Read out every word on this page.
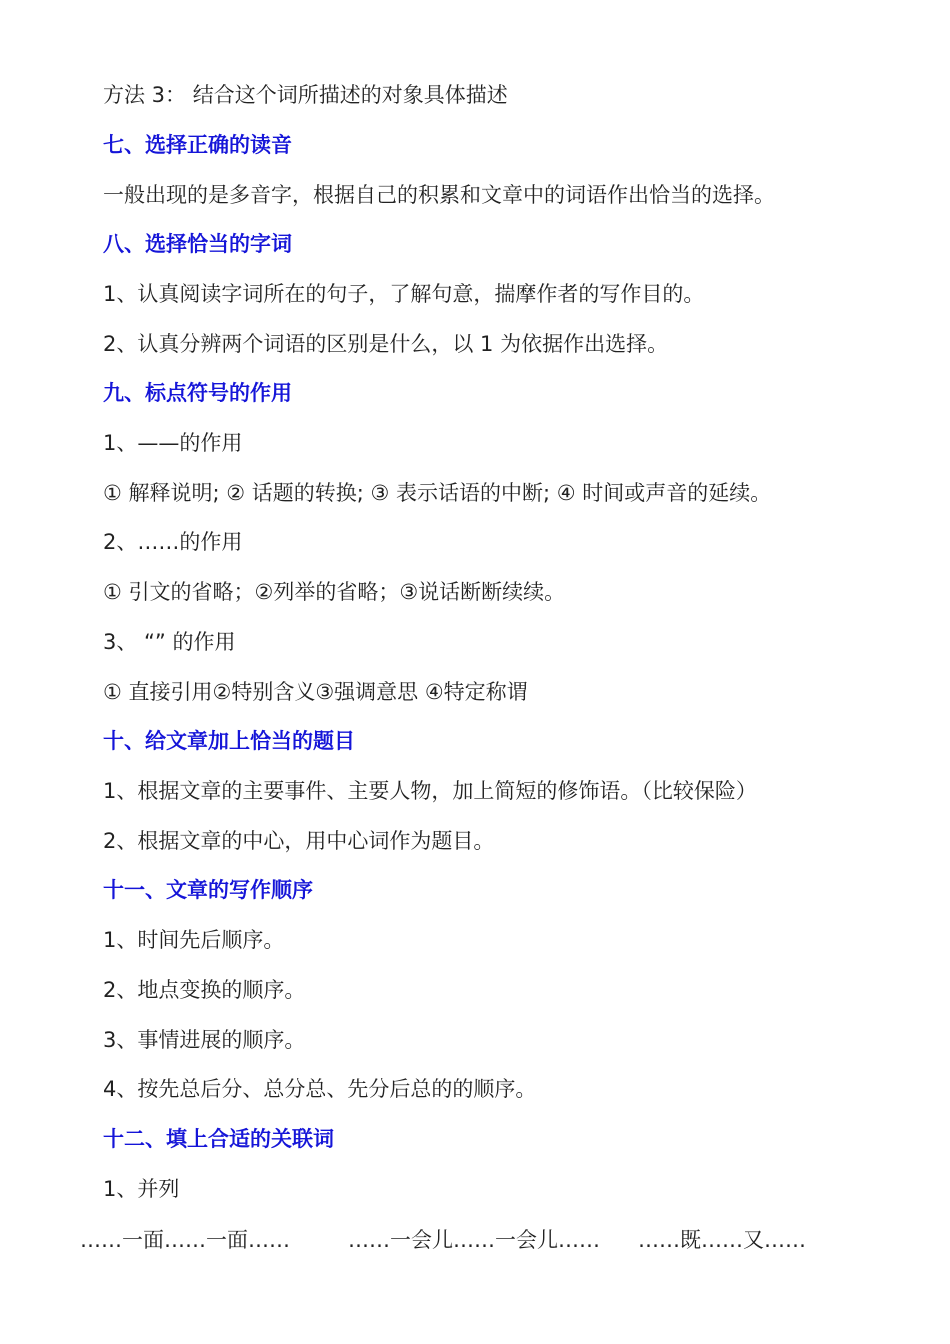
方法 3： 结合这个词所描述的对象具体描述
七、选择正确的读音
一般出现的是多音字，根据自己的积累和文章中的词语作出恰当的选择。
八、选择恰当的字词
1、认真阅读字词所在的句子，了解句意，揣摩作者的写作目的。
2、认真分辨两个词语的区别是什么，以 1 为依据作出选择。
九、标点符号的作用
1、——的作用
① 解释说明; ② 话题的转换; ③ 表示话语的中断; ④ 时间或声音的延续。
2、……的作用
① 引文的省略；②列举的省略；③说话断断续续。
3、 “” 的作用
① 直接引用②特别含义③强调意思 ④特定称谓
十、给文章加上恰当的题目
1、根据文章的主要事件、主要人物，加上简短的修饰语。（比较保险）
2、根据文章的中心，用中心词作为题目。
十一、文章的写作顺序
1、时间先后顺序。
2、地点变换的顺序。
3、事情进展的顺序。
4、按先总后分、总分总、先分后总的的顺序。
十二、填上合适的关联词
1、并列
……一面……一面……	……一会儿……一会儿…… ……既……又……
